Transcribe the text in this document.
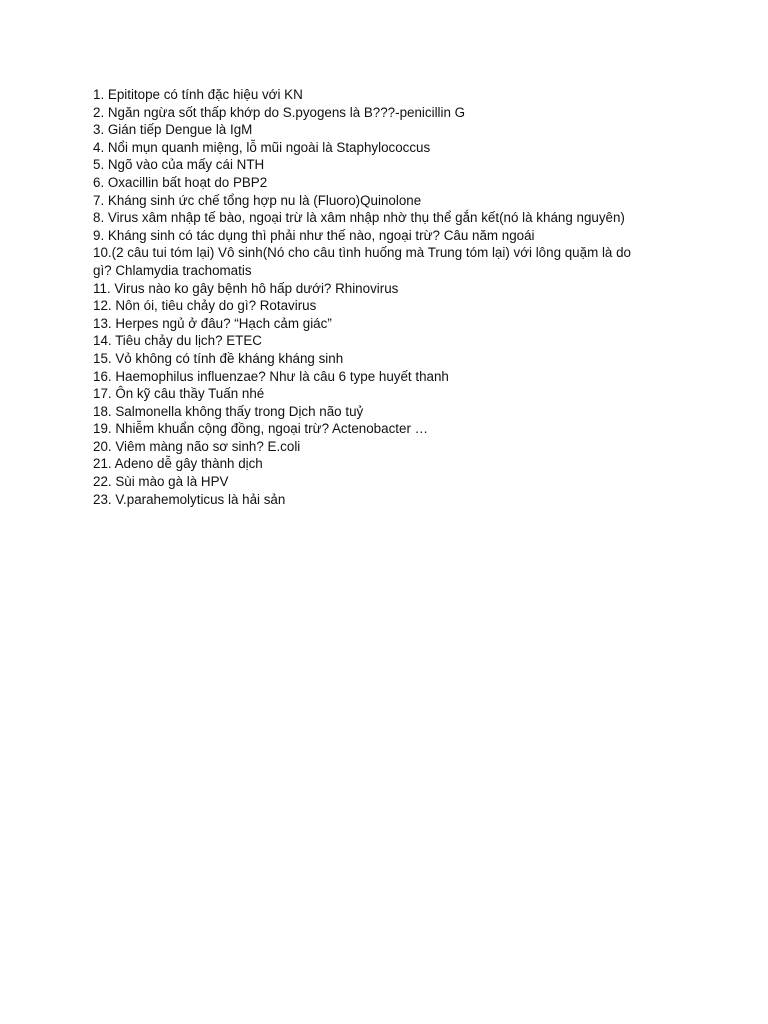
1. Epititope có tính đặc hiệu với KN

2. Ngăn ngừa sốt thấp khớp do S.pyogens là B???-penicillin G

3. Gián tiếp Dengue là IgM

4. Nổi mụn quanh miệng, lỗ mũi ngoài là Staphylococcus

5. Ngõ vào của mấy cái NTH

6. Oxacillin bất hoạt do PBP2

7. Kháng sinh ức chế tổng hợp nu là (Fluoro)Quinolone

8. Virus xâm nhập tế bào, ngoại trừ là xâm nhập nhờ thụ thể gắn kết(nó là kháng nguyên)

9. Kháng sinh có tác dụng thì phải như thế nào, ngoại trừ? Câu năm ngoái

10.(2 câu tui tóm lại) Vô sinh(Nó cho câu tình huống mà Trung tóm lại) với lông quặm là do

gì? Chlamydia trachomatis

11. Virus nào ko gây bệnh hô hấp dưới? Rhinovirus

12. Nôn ói, tiêu chảy do gì? Rotavirus

13. Herpes ngủ ở đâu? “Hạch cảm giác”

14. Tiêu chảy du lịch? ETEC

15. Vỏ không có tính đề kháng kháng sinh

16. Haemophilus influenzae? Như là câu 6 type huyết thanh

17. Ôn kỹ câu thầy Tuấn nhé

18. Salmonella không thấy trong Dịch não tuỷ

19. Nhiễm khuẩn cộng đồng, ngoại trừ? Actenobacter …

20. Viêm màng não sơ sinh? E.coli

21. Adeno dễ gây thành dịch

22. Sùi mào gà là HPV

23. V.parahemolyticus là hải sản
